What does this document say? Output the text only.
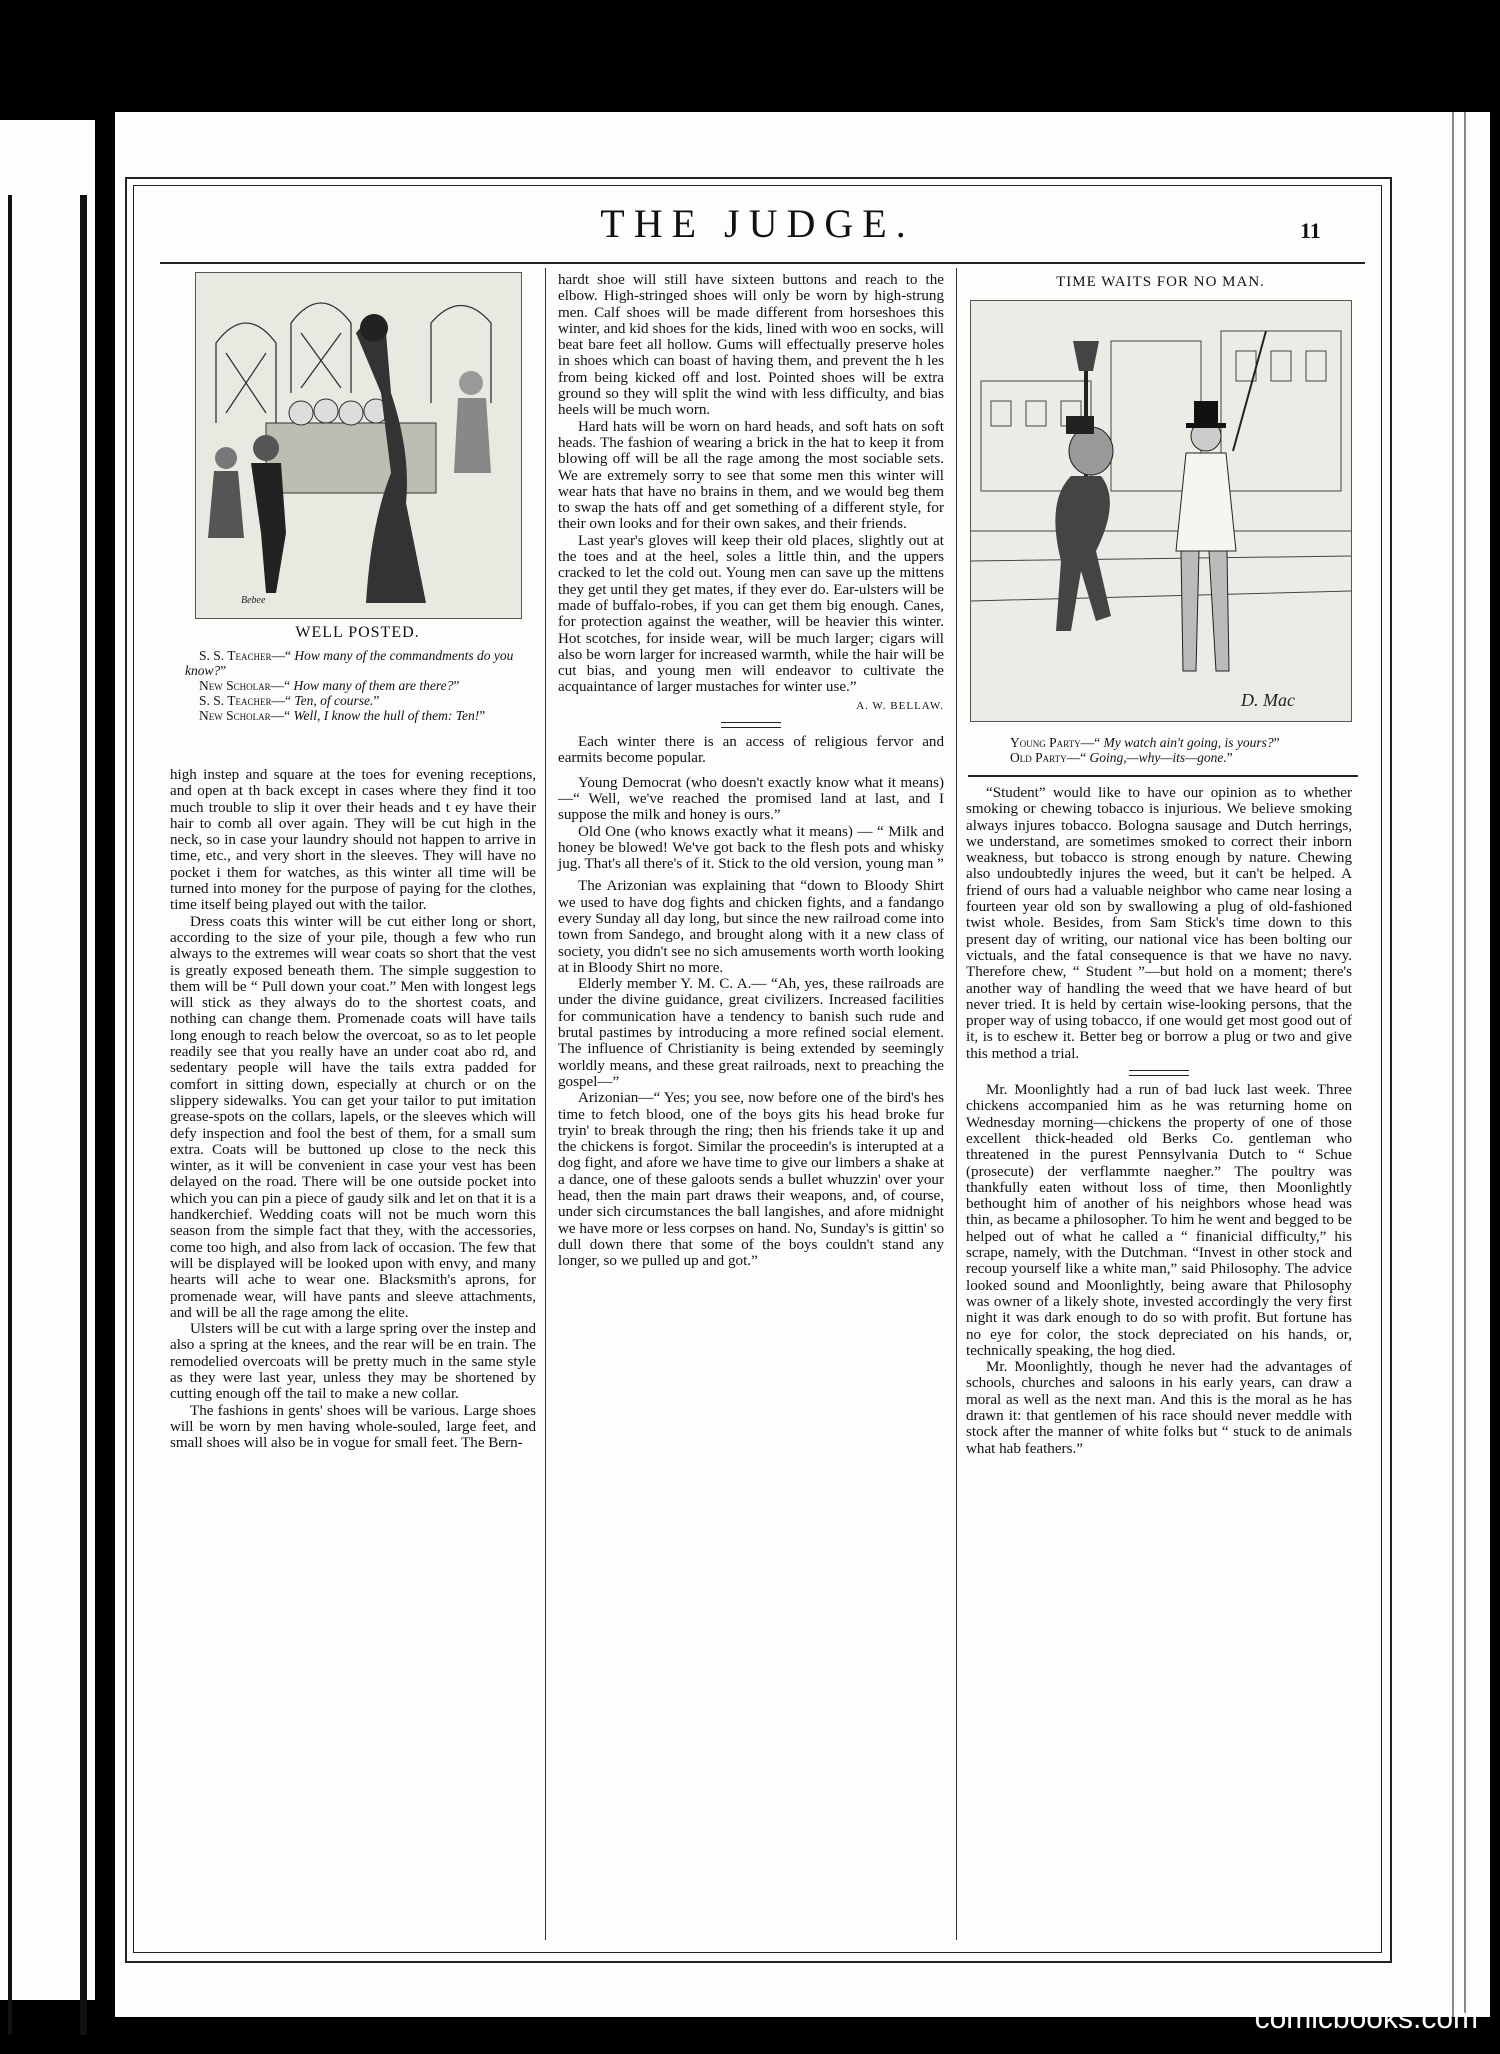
THE JUDGE.	11
Bebee
WELL POSTED.

S. S. Teacher—“ How many of the commandments do you know?”

New Scholar—“ How many of them are there?”

S. S. Teacher—“ Ten, of course.”

New Scholar—“ Well, I know the hull of them: Ten!”

high instep and square at the toes for evening receptions, and open at th back except in cases where they find it too much trouble to slip it over their heads and t ey have their hair to comb all over again. They will be cut high in the neck, so in case your laundry should not happen to arrive in time, etc., and very short in the sleeves. They will have no pocket i them for watches, as this winter all time will be turned into money for the purpose of paying for the clothes, time itself being played out with the tailor.

Dress coats this winter will be cut either long or short, according to the size of your pile, though a few who run always to the extremes will wear coats so short that the vest is greatly exposed beneath them. The simple suggestion to them will be “ Pull down your coat.” Men with longest legs will stick as they always do to the shortest coats, and nothing can change them. Promenade coats will have tails long enough to reach below the overcoat, so as to let people readily see that you really have an under coat abo rd, and sedentary people will have the tails extra padded for comfort in sitting down, especially at church or on the slippery sidewalks. You can get your tailor to put imitation grease-spots on the collars, lapels, or the sleeves which will defy inspection and fool the best of them, for a small sum extra. Coats will be buttoned up close to the neck this winter, as it will be convenient in case your vest has been delayed on the road. There will be one outside pocket into which you can pin a piece of gaudy silk and let on that it is a handkerchief. Wedding coats will not be much worn this season from the simple fact that they, with the accessories, come too high, and also from lack of occasion. The few that will be displayed will be looked upon with envy, and many hearts will ache to wear one. Blacksmith's aprons, for promenade wear, will have pants and sleeve attachments, and will be all the rage among the elite.

Ulsters will be cut with a large spring over the instep and also a spring at the knees, and the rear will be en train. The remodelied overcoats will be pretty much in the same style as they were last year, unless they may be shortened by cutting enough off the tail to make a new collar.

The fashions in gents' shoes will be various. Large shoes will be worn by men having whole-souled, large feet, and small shoes will also be in vogue for small feet. The Bern-

hardt shoe will still have sixteen buttons and reach to the elbow. High-stringed shoes will only be worn by high-strung men. Calf shoes will be made different from horseshoes this winter, and kid shoes for the kids, lined with woo en socks, will beat bare feet all hollow. Gums will effectually preserve holes in shoes which can boast of having them, and prevent the h les from being kicked off and lost. Pointed shoes will be extra ground so they will split the wind with less difficulty, and bias heels will be much worn.

Hard hats will be worn on hard heads, and soft hats on soft heads. The fashion of wearing a brick in the hat to keep it from blowing off will be all the rage among the most sociable sets. We are extremely sorry to see that some men this winter will wear hats that have no brains in them, and we would beg them to swap the hats off and get something of a different style, for their own looks and for their own sakes, and their friends.

Last year's gloves will keep their old places, slightly out at the toes and at the heel, soles a little thin, and the uppers cracked to let the cold out. Young men can save up the mittens they get until they get mates, if they ever do. Ear-ulsters will be made of buffalo-robes, if you can get them big enough. Canes, for protection against the weather, will be heavier this winter. Hot scotches, for inside wear, will be much larger; cigars will also be worn larger for increased warmth, while the hair will be cut bias, and young men will endeavor to cultivate the acquaintance of larger mustaches for winter use.”

A. W. BELLAW.

Each winter there is an access of religious fervor and earmits become popular.

Young Democrat (who doesn't exactly know what it means)—“ Well, we've reached the promised land at last, and I suppose the milk and honey is ours.”

Old One (who knows exactly what it means) — “ Milk and honey be blowed! We've got back to the flesh pots and whisky jug. That's all there's of it. Stick to the old version, young man ”

The Arizonian was explaining that “down to Bloody Shirt we used to have dog fights and chicken fights, and a fandango every Sunday all day long, but since the new railroad come into town from Sandego, and brought along with it a new class of society, you didn't see no sich amusements worth worth looking at in Bloody Shirt no more.

Elderly member Y. M. C. A.— “Ah, yes, these railroads are under the divine guidance, great civilizers. Increased facilities for communication have a tendency to banish such rude and brutal pastimes by introducing a more refined social element. The influence of Christianity is being extended by seemingly worldly means, and these great railroads, next to preaching the gospel—”

Arizonian—“ Yes; you see, now before one of the bird's hes time to fetch blood, one of the boys gits his head broke fur tryin' to break through the ring; then his friends take it up and the chickens is forgot. Similar the proceedin's is interupted at a dog fight, and afore we have time to give our limbers a shake at a dance, one of these galoots sends a bullet whuzzin' over your head, then the main part draws their weapons, and, of course, under sich circumstances the ball langishes, and afore midnight we have more or less corpses on hand. No, Sunday's is gittin' so dull down there that some of the boys couldn't stand any longer, so we pulled up and got.”

TIME WAITS FOR NO MAN.
D. Mac

Young Party—“ My watch ain't going, is yours?”

Old Party—“ Going,—why—its—gone.”

“Student” would like to have our opinion as to whether smoking or chewing tobacco is injurious. We believe smoking always injures tobacco. Bologna sausage and Dutch herrings, we understand, are sometimes smoked to correct their inborn weakness, but tobacco is strong enough by nature. Chewing also undoubtedly injures the weed, but it can't be helped. A friend of ours had a valuable neighbor who came near losing a fourteen year old son by swallowing a plug of old-fashioned twist whole. Besides, from Sam Stick's time down to this present day of writing, our national vice has been bolting our victuals, and the fatal consequence is that we have no navy. Therefore chew, “ Student ”—but hold on a moment; there's another way of handling the weed that we have heard of but never tried. It is held by certain wise-looking persons, that the proper way of using tobacco, if one would get most good out of it, is to eschew it. Better beg or borrow a plug or two and give this method a trial.

Mr. Moonlightly had a run of bad luck last week. Three chickens accompanied him as he was returning home on Wednesday morning—chickens the property of one of those excellent thick-headed old Berks Co. gentleman who threatened in the purest Pennsylvania Dutch to “ Schue (prosecute) der verflammte naegher.” The poultry was thankfully eaten without loss of time, then Moonlightly bethought him of another of his neighbors whose head was thin, as became a philosopher. To him he went and begged to be helped out of what he called a “ finanicial difficulty,” his scrape, namely, with the Dutchman. “Invest in other stock and recoup yourself like a white man,” said Philosophy. The advice looked sound and Moonlightly, being aware that Philosophy was owner of a likely shote, invested accordingly the very first night it was dark enough to do so with profit. But fortune has no eye for color, the stock depreciated on his hands, or, technically speaking, the hog died.

Mr. Moonlightly, though he never had the advantages of schools, churches and saloons in his early years, can draw a moral as well as the next man. And this is the moral as he has drawn it: that gentlemen of his race should never meddle with stock after the manner of white folks but “ stuck to de animals what hab feathers.”

comicbooks.com
